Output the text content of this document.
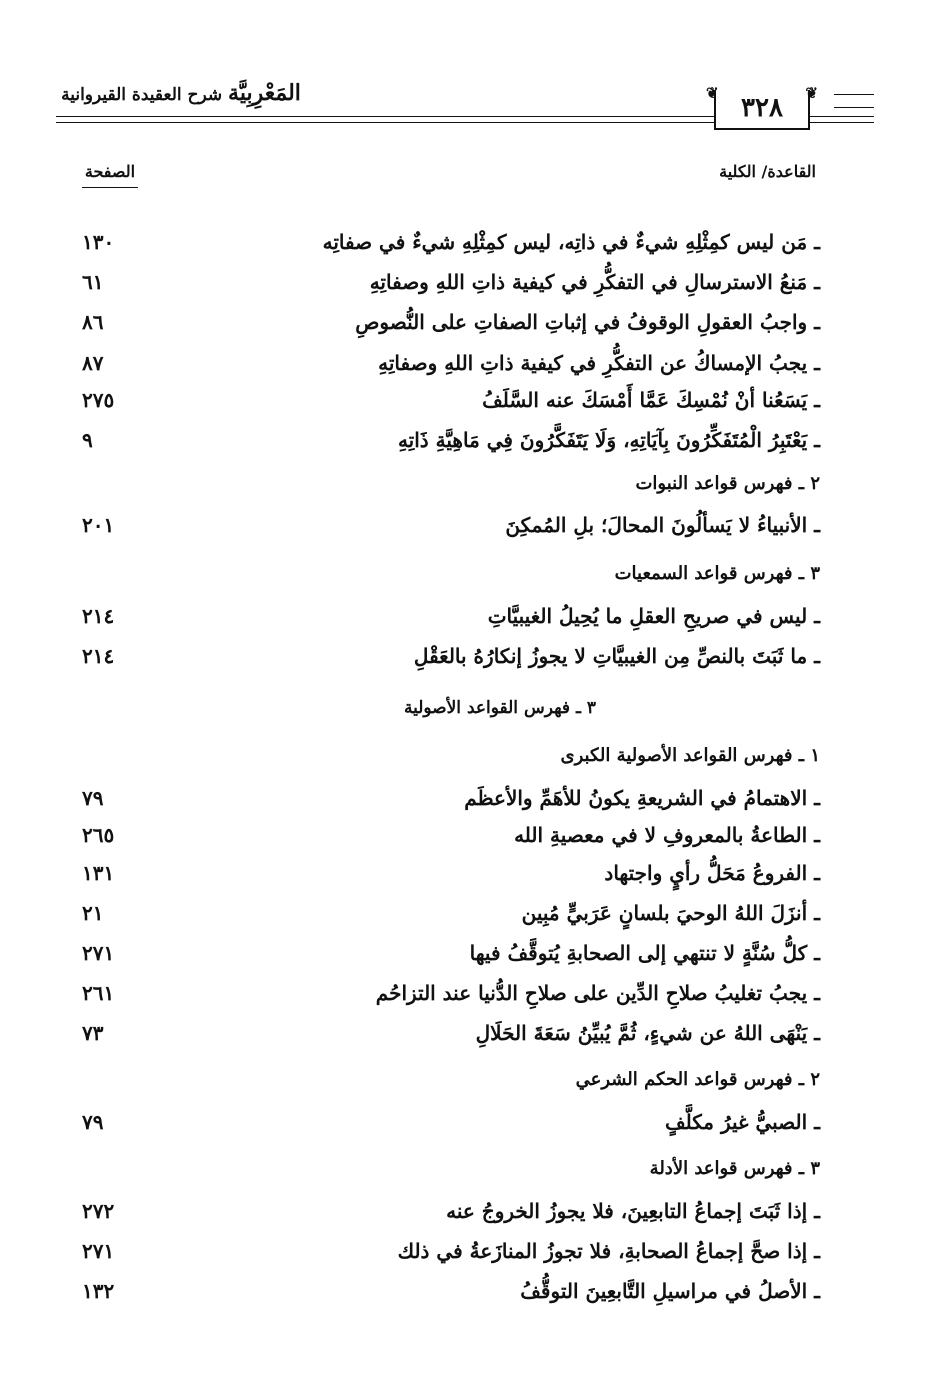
المَعْرِبِيَّة شرح العقيدة القيروانية	❦
❦ ٣٢٨
القاعدة/ الكلية
الصفحة
ـ مَن ليس كمِثْلِهِ شيءٌ في ذاتِه، ليس كمِثْلِهِ شيءٌ في صفاتِه
١٣٠
ـ مَنعُ الاسترسالِ في التفكُّرِ في كيفية ذاتِ اللهِ وصفاتِهِ
٦١
ـ واجبُ العقولِ الوقوفُ في إثباتِ الصفاتِ على النُّصوصِ
٨٦
ـ يجبُ الإمساكُ عن التفكُّرِ في كيفية ذاتِ اللهِ وصفاتِهِ
٨٧
ـ يَسَعُنا أنْ نُمْسِكَ عَمَّا أَمْسَكَ عنه السَّلَفُ
٢٧٥
ـ يَعْتَبِرُ الْمُتَفَكِّرُونَ بِآيَاتِهِ، وَلَا يَتَفَكَّرُونَ فِي مَاهِيَّةِ ذَاتِهِ
٩
٢ ـ فهرس قواعد النبوات
ـ الأنبياءُ لا يَسألُونَ المحالَ؛ بلِ المُمكِنَ
٢٠١
٣ ـ فهرس قواعد السمعيات
ـ ليس في صريحِ العقلِ ما يُحِيلُ الغيبيَّاتِ
٢١٤
ـ ما ثَبَتَ بالنصِّ مِن الغيبيَّاتِ لا يجوزُ إنكارُهُ بالعَقْلِ
٢١٤
٣ ـ فهرس القواعد الأصولية
١ ـ فهرس القواعد الأصولية الكبرى
ـ الاهتمامُ في الشريعةِ يكونُ للأهَمِّ والأعظَم
٧٩
ـ الطاعةُ بالمعروفِ لا في معصيةِ الله
٢٦٥
ـ الفروعُ مَحَلُّ رأيٍ واجتهاد
١٣١
ـ أنزَلَ اللهُ الوحيَ بلسانٍ عَرَبيٍّ مُبِين
٢١
ـ كلُّ سُنَّةٍ لا تنتهي إلى الصحابةِ يُتوقَّفُ فيها
٢٧١
ـ يجبُ تغليبُ صلاحِ الدِّين على صلاحِ الدُّنيا عند التزاحُم
٢٦١
ـ يَنْهَى اللهُ عن شيءٍ، ثُمَّ يُبيِّنُ سَعَةَ الحَلَالِ
٧٣
٢ ـ فهرس قواعد الحكم الشرعي
ـ الصبيُّ غيرُ مكلَّفٍ
٧٩
٣ ـ فهرس قواعد الأدلة
ـ إذا ثَبَتَ إجماعُ التابعِينَ، فلا يجوزُ الخروجُ عنه
٢٧٢
ـ إذا صحَّ إجماعُ الصحابةِ، فلا تجوزُ المنازَعةُ في ذلك
٢٧١
ـ الأصلُ في مراسيلِ التَّابعِينَ التوقُّفُ
١٣٢
